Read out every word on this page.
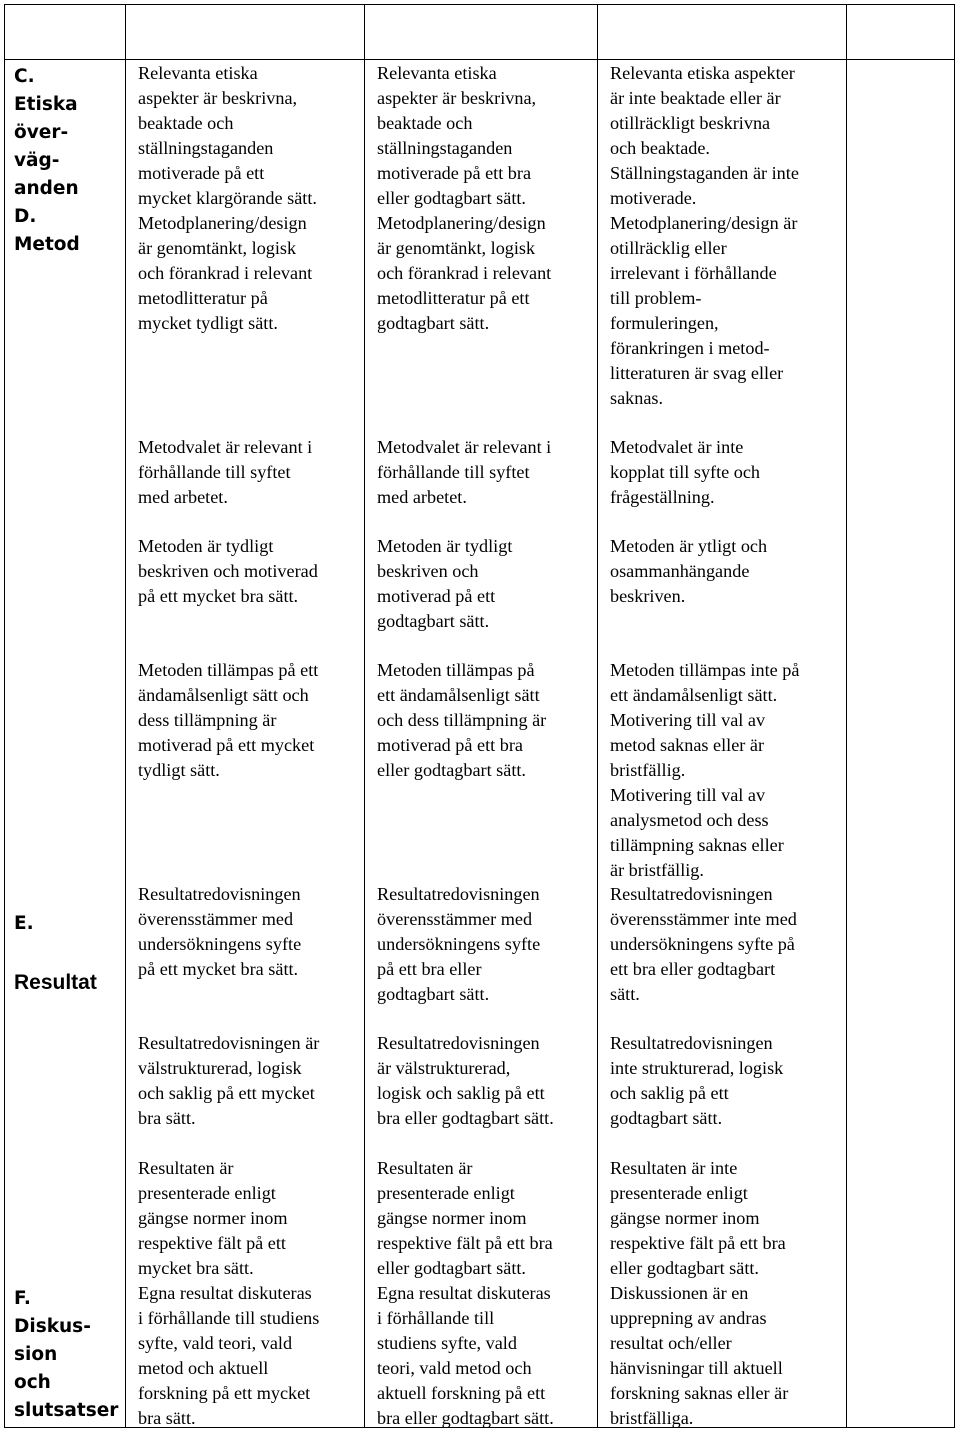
C.
Etiska
över-
väg-
anden
D.
Metod

E.

Resultat

F.
Diskus-
sion
och
slutsatser
Relevanta etiska
aspekter är beskrivna,
beaktade och
ställningstaganden
motiverade på ett
mycket klargörande sätt.
Metodplanering/design
är genomtänkt, logisk
och förankrad i relevant
metodlitteratur på
mycket tydligt sätt.
Relevanta etiska
aspekter är beskrivna,
beaktade och
ställningstaganden
motiverade på ett bra
eller godtagbart sätt.
Metodplanering/design
är genomtänkt, logisk
och förankrad i relevant
metodlitteratur på ett
godtagbart sätt.
Relevanta etiska aspekter
är inte beaktade eller är
otillräckligt beskrivna
och beaktade.
Ställningstaganden är inte
motiverade.
Metodplanering/design är
otillräcklig eller
irrelevant i förhållande
till problem-
formuleringen,
förankringen i metod-
litteraturen är svag eller
saknas.
Metodvalet är relevant i
förhållande till syftet
med arbetet.
Metodvalet är relevant i
förhållande till syftet
med arbetet.
Metodvalet är inte
kopplat till syfte och
frågeställning.
Metoden är tydligt
beskriven och motiverad
på ett mycket bra sätt.
Metoden är tydligt
beskriven och
motiverad på ett
godtagbart sätt.
Metoden är ytligt och
osammanhängande
beskriven.
Metoden tillämpas på ett
ändamålsenligt sätt och
dess tillämpning är
motiverad på ett mycket
tydligt sätt.
Metoden tillämpas på
ett ändamålsenligt sätt
och dess tillämpning är
motiverad på ett bra
eller godtagbart sätt.
Metoden tillämpas inte på
ett ändamålsenligt sätt.
Motivering till val av
metod saknas eller är
bristfällig.
Motivering till val av
analysmetod och dess
tillämpning saknas eller
är bristfällig.
Resultatredovisningen
överensstämmer med
undersökningens syfte
på ett mycket bra sätt.
Resultatredovisningen
överensstämmer med
undersökningens syfte
på ett bra eller
godtagbart sätt.
Resultatredovisningen
överensstämmer inte med
undersökningens syfte på
ett bra eller godtagbart
sätt.
Resultatredovisningen är
välstrukturerad, logisk
och saklig på ett mycket
bra sätt.
Resultatredovisningen
är välstrukturerad,
logisk och saklig på ett
bra eller godtagbart sätt.
Resultatredovisningen
inte strukturerad, logisk
och saklig på ett
godtagbart sätt.
Resultaten är
presenterade enligt
gängse normer inom
respektive fält på ett
mycket bra sätt.
Egna resultat diskuteras
i förhållande till studiens
syfte, vald teori, vald
metod och aktuell
forskning på ett mycket
bra sätt.
Resultaten är
presenterade enligt
gängse normer inom
respektive fält på ett bra
eller godtagbart sätt.
Egna resultat diskuteras
i förhållande till
studiens syfte, vald
teori, vald metod och
aktuell forskning på ett
bra eller godtagbart sätt.
Resultaten är inte
presenterade enligt
gängse normer inom
respektive fält på ett bra
eller godtagbart sätt.
Diskussionen är en
upprepning av andras
resultat och/eller
hänvisningar till aktuell
forskning saknas eller är
bristfälliga.
